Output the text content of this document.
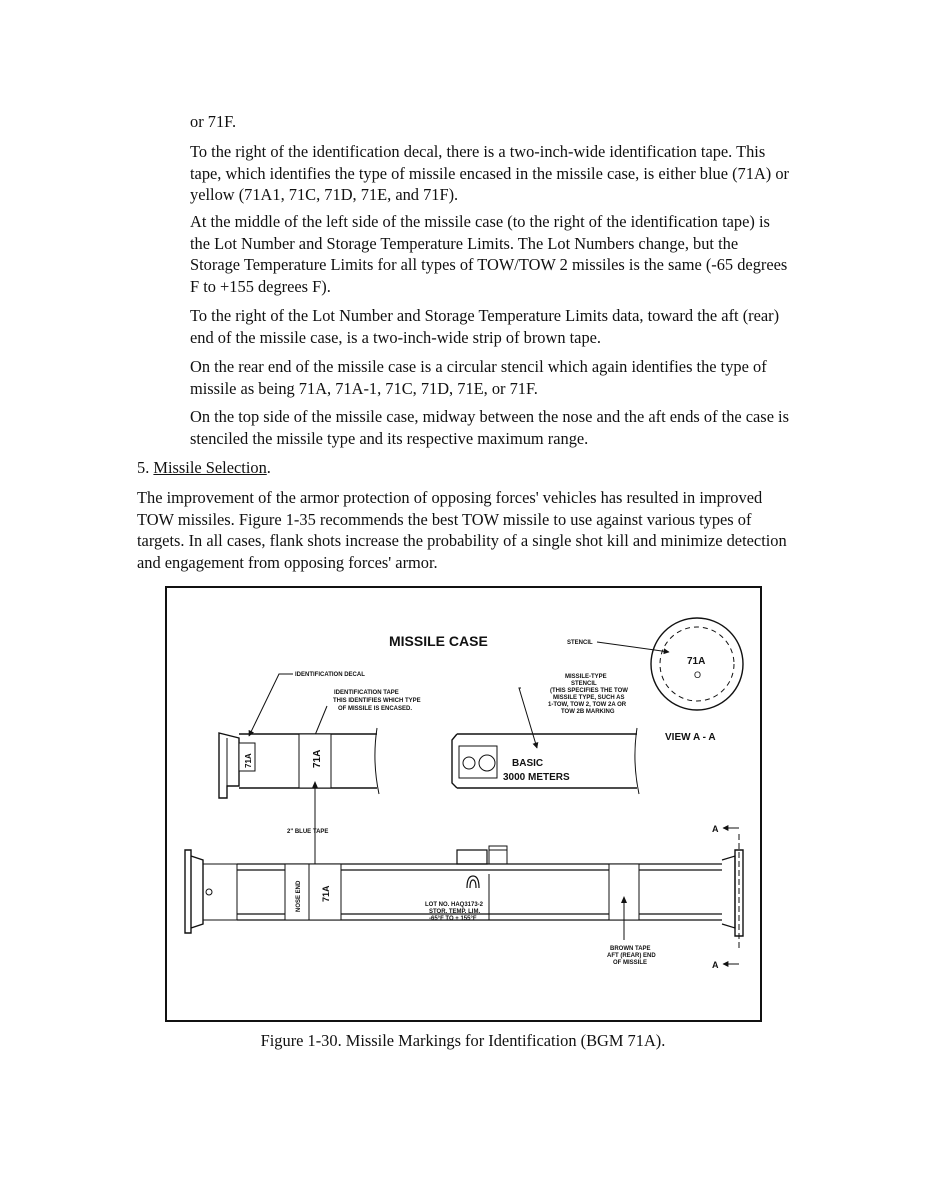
or 71F.

To the right of the identification decal, there is a two-inch-wide identification tape. This tape, which identifies the type of missile encased in the missile case, is either blue (71A) or yellow (71A1, 71C, 71D, 71E, and 71F).

At the middle of the left side of the missile case (to the right of the identification tape) is the Lot Number and Storage Temperature Limits. The Lot Numbers change, but the Storage Temperature Limits for all types of TOW/TOW 2 missiles is the same (-65 degrees F to +155 degrees F).

To the right of the Lot Number and Storage Temperature Limits data, toward the aft (rear) end of the missile case, is a two-inch-wide strip of brown tape.

On the rear end of the missile case is a circular stencil which again identifies the type of missile as being 71A, 71A-1, 71C, 71D, 71E, or 71F.

On the top side of the missile case, midway between the nose and the aft ends of the case is stenciled the missile type and its respective maximum range.

5. Missile Selection.

The improvement of the armor protection of opposing forces' vehicles has resulted in improved TOW missiles. Figure 1-35 recommends the best TOW missile to use against various types of targets. In all cases, flank shots increase the probability of a single shot kill and minimize detection and engagement from opposing forces' armor.

MISSILE CASE
71A
O
STENCIL
VIEW A - A
IDENTIFICATION DECAL
IDENTIFICATION TAPE
THIS IDENTIFIES WHICH TYPE
OF MISSILE IS ENCASED.
71A	71A
2" BLUE TAPE
MISSILE-TYPE
STENCIL
(THIS SPECIFIES THE TOW
MISSILE TYPE, SUCH AS
1-TOW, TOW 2, TOW 2A OR
TOW 2B MARKING
BASIC
3000 METERS
NOSE END 71A
LOT NO. HAQ3173-2
STOR. TEMP. LIM.
-65°F TO + 155°F
BROWN TAPE
AFT (REAR) END
OF MISSILE
A
A
Figure 1-30. Missile Markings for Identification (BGM 71A).
